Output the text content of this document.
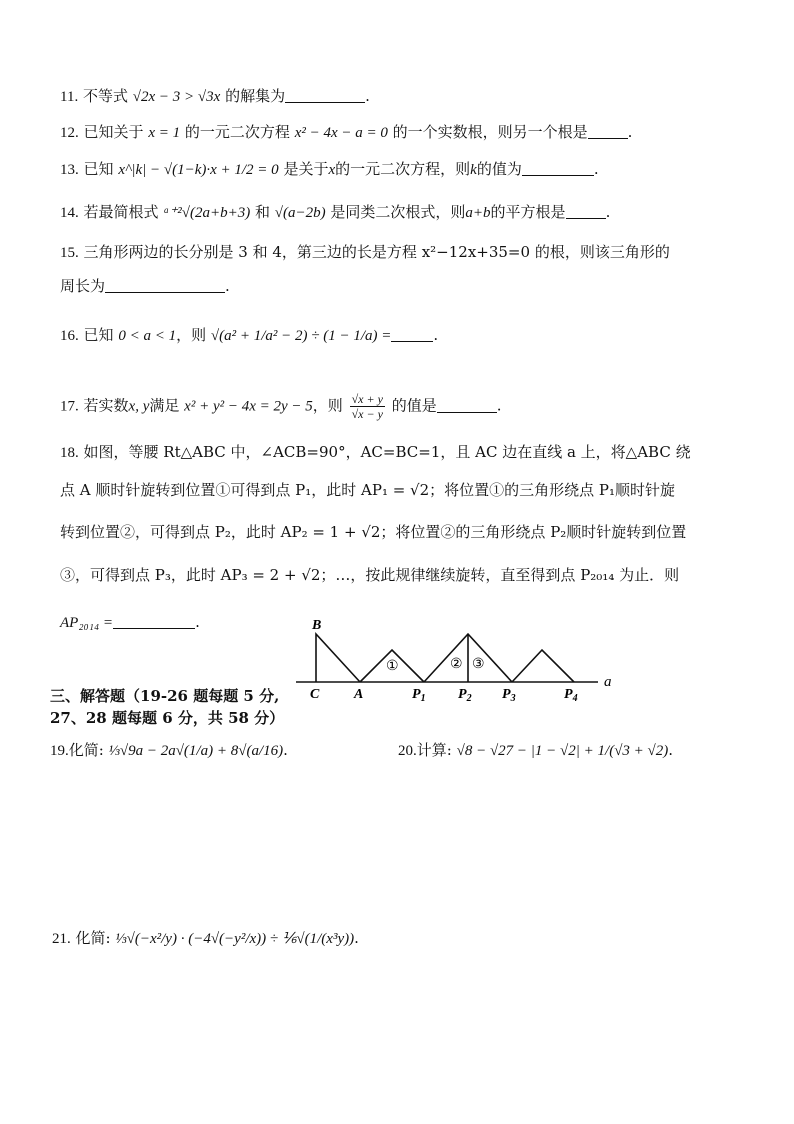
11. 不等式 √2x − 3 > √3x 的解集为	.
12. 已知关于 x = 1 的一元二次方程 x² − 4x − a = 0 的一个实数根，则另一个根是	.
13. 已知 x^|k| − √(1−k)·x + 1/2 = 0 是关于x的一元二次方程，则k的值为	.
14. 若最简根式 ᵃ⁺²√(2a+b+3) 和 √(a−2b) 是同类二次根式，则a+b的平方根是	.
15. 三角形两边的长分别是 3 和 4，第三边的长是方程 x²−12x+35=0 的根，则该三角形的
周长为	.
16. 已知 0 < a < 1，则 √(a² + 1/a² − 2) ÷ (1 − 1/a) =	.
17. 若实数x, y满足 x² + y² − 4x = 2y − 5，则 $\frac{√x + y}{√x - y}$ 的值是	.
18. 如图，等腰 Rt△ABC 中，∠ACB=90°，AC=BC=1，且 AC 边在直线 a 上，将△ABC 绕
点 A 顺时针旋转到位置①可得到点 P₁，此时 AP₁ = √2；将位置①的三角形绕点 P₁顺时针旋
转到位置②，可得到点 P₂，此时 AP₂ = 1 + √2；将位置②的三角形绕点 P₂顺时针旋转到位置
③，可得到点 P₃，此时 AP₃ = 2 + √2；…，按此规律继续旋转，直至得到点 P₂₀₁₄ 为止．则
AP₂₀₁₄ =	.
①	② ③
B
C A	$P_1$ $P_2$ $P_3$	$P_4$
a
三、解答题（19-26 题每题 5 分,
27、28 题每题 6 分，共 58 分）
19.化简: ⅓√9a − 2a√(1/a) + 8√(a/16).	20.计算: √8 − √27 − |1 − √2| + 1/(√3 + √2).
21. 化简: ⅓√(−x²/y) · (−4√(−y²/x)) ÷ ⅙√(1/(x³y)).
